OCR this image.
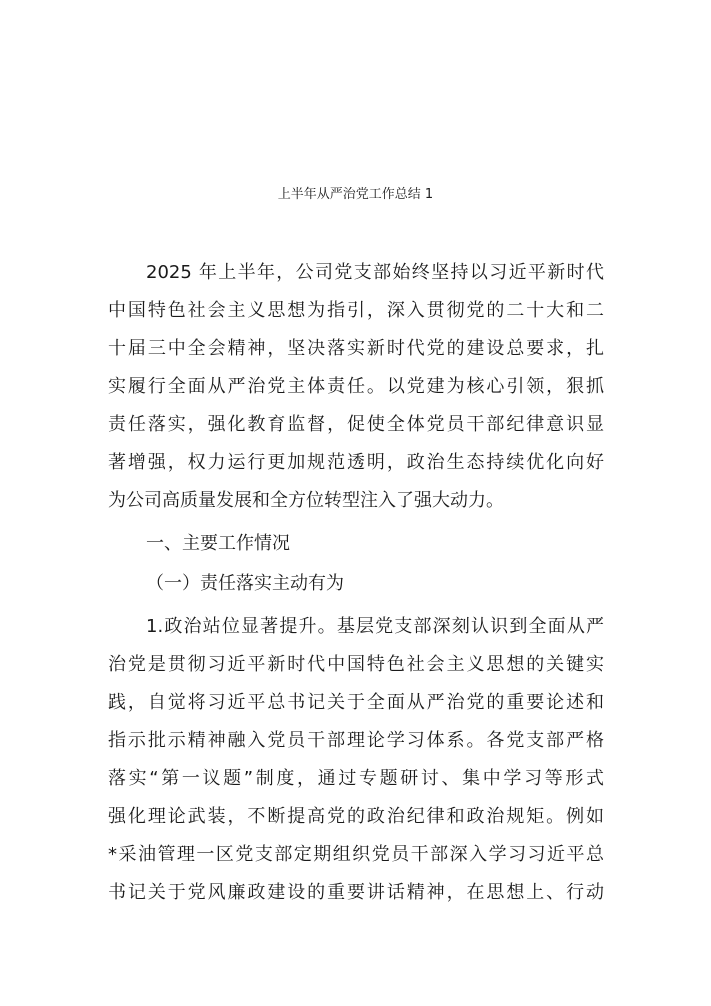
上半年从严治党工作总结 1
2025 年上半年，公司党支部始终坚持以习近平新时代
中国特色社会主义思想为指引，深入贯彻党的二十大和二
十届三中全会精神，坚决落实新时代党的建设总要求，扎
实履行全面从严治党主体责任。以党建为核心引领，狠抓
责任落实，强化教育监督，促使全体党员干部纪律意识显
著增强，权力运行更加规范透明，政治生态持续优化向好
为公司高质量发展和全方位转型注入了强大动力。
一、主要工作情况
（一）责任落实主动有为
1.政治站位显著提升。基层党支部深刻认识到全面从严
治党是贯彻习近平新时代中国特色社会主义思想的关键实
践，自觉将习近平总书记关于全面从严治党的重要论述和
指示批示精神融入党员干部理论学习体系。各党支部严格
落实“第一议题”制度，通过专题研讨、集中学习等形式
强化理论武装，不断提高党的政治纪律和政治规矩。例如
*采油管理一区党支部定期组织党员干部深入学习习近平总
书记关于党风廉政建设的重要讲话精神，在思想上、行动
